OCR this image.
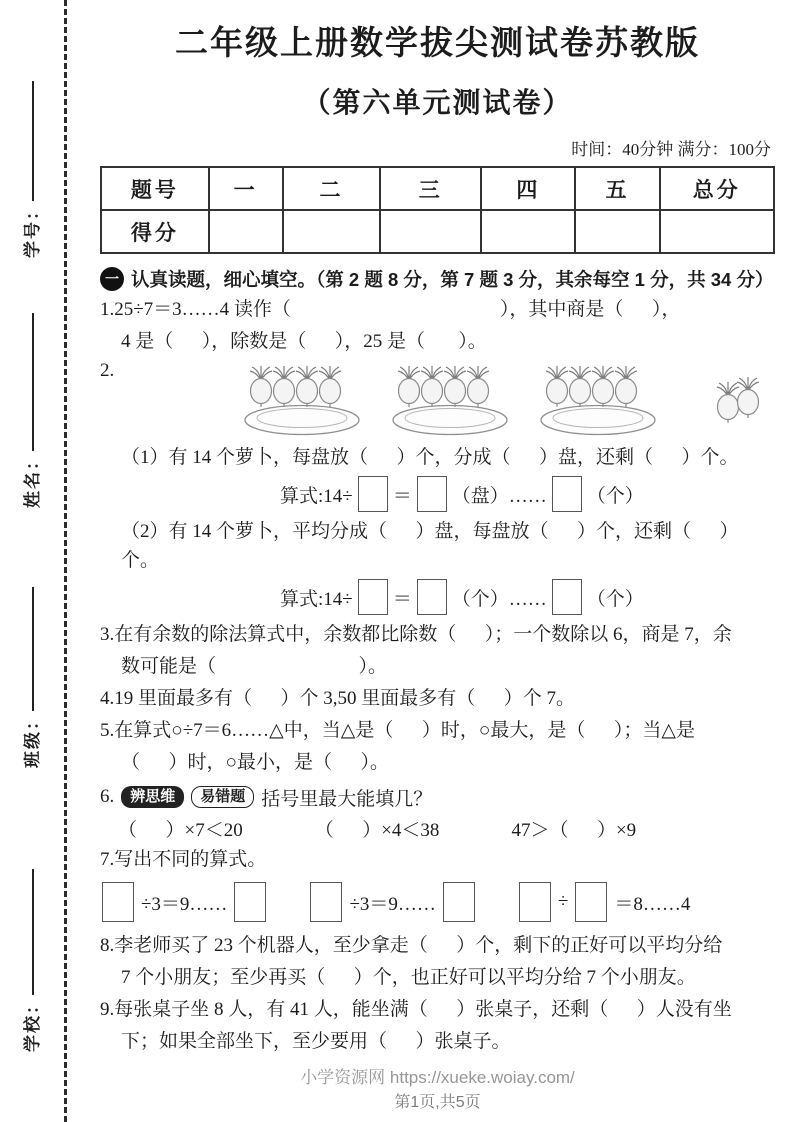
学号：
姓名：
班级：
学校：
二年级上册数学拔尖测试卷苏教版
（第六单元测试卷）
时间：40分钟 满分：100分
题号	一	二	三	四	五	总分
得分						
一 认真读题，细心填空。（第 2 题 8 分，第 7 题 3 分，其余每空 1 分，共 34 分）
1.25÷7＝3……4 读作（                                            ），其中商是（      ），
4 是（      ），除数是（      ），25 是（       ）。
2.
（1）有 14 个萝卜，每盘放（      ）个，分成（      ）盘，还剩（      ）个。
算式:14÷ ＝ （盘）…… （个）
（2）有 14 个萝卜，平均分成（      ）盘，每盘放（      ）个，还剩（      ）个。
算式:14÷ ＝ （个）…… （个）
3.在有余数的除法算式中，余数都比除数（      ）；一个数除以 6，商是 7，余
数可能是（                              ）。
4.19 里面最多有（      ）个 3,50 里面最多有（      ）个 7。
5.在算式○÷7＝6……△中，当△是（      ）时，○最大，是（      ）；当△是
（      ）时，○最小，是（      ）。
6.	辨思维	易错题 括号里最大能填几？
（      ）×7＜20	（      ）×4＜38	47＞（      ）×9
7.写出不同的算式。
÷3＝9……	÷3＝9……	÷ ＝8……4
8.李老师买了 23 个机器人，至少拿走（      ）个，剩下的正好可以平均分给
7 个小朋友；至少再买（      ）个，也正好可以平均分给 7 个小朋友。
9.每张桌子坐 8 人，有 41 人，能坐满（      ）张桌子，还剩（      ）人没有坐
下；如果全部坐下，至少要用（      ）张桌子。
小学资源网 https://xueke.woiay.com/
第1页,共5页
